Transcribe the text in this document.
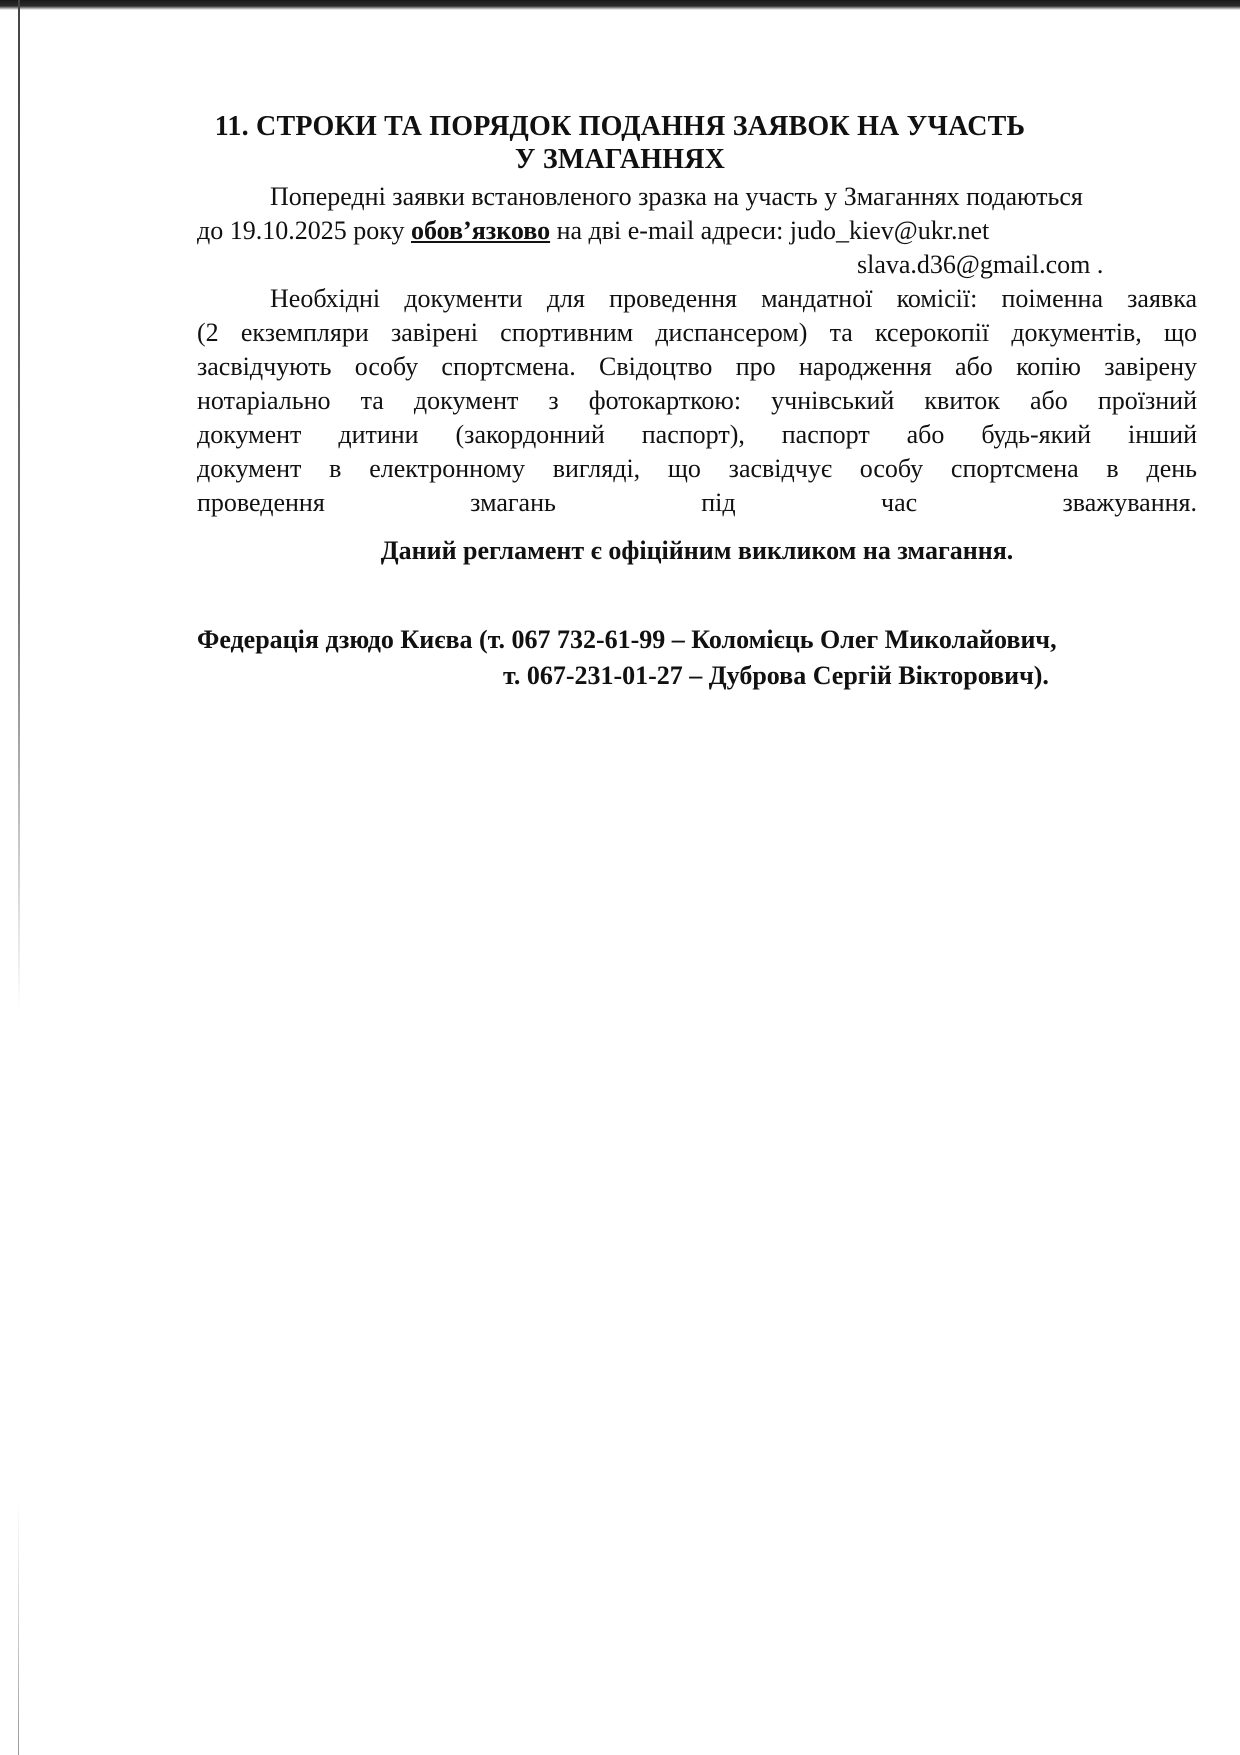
11. СТРОКИ ТА ПОРЯДОК ПОДАННЯ ЗАЯВОК НА УЧАСТЬ
У ЗМАГАННЯХ
Попередні заявки встановленого зразка на участь у Змаганнях подаються
до 19.10.2025 року обов’язково на дві e-mail адреси: judo_kiev@ukr.net
slava.d36@gmail.com .
Необхідні документи для проведення мандатної комісії: поіменна заявка
(2 екземпляри завірені спортивним диспансером) та ксерокопії документів, що
засвідчують особу спортсмена. Свідоцтво про народження або копію завірену
нотаріально та документ з фотокарткою: учнівський квиток або проїзний
документ дитини (закордонний паспорт), паспорт або будь-який інший
документ в електронному вигляді, що засвідчує особу спортсмена в день
проведення змагань під час зважування.
Даний регламент є офіційним викликом на змагання.
Федерація дзюдо Києва (т. 067 732-61-99 – Коломієць Олег Миколайович,
т. 067-231-01-27 – Дуброва Сергій Вікторович).
